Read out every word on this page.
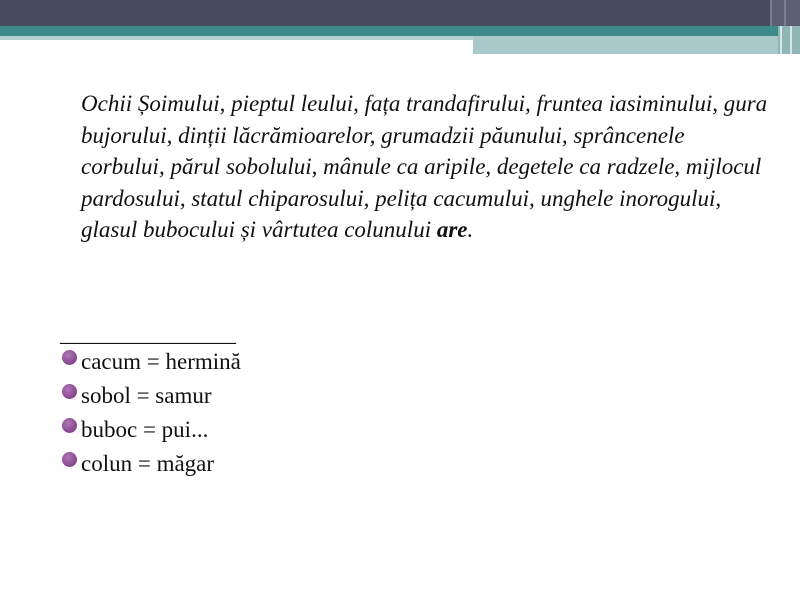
Ochii Șoimului, pieptul leului, fața trandafirului, fruntea iasiminului, gura bujorului, dinții lăcrămioarelor, grumadzii păunului, sprâncenele corbului, părul sobolului, mânule ca aripile, degetele ca radzele, mijlocul pardosului, statul chiparosului, pelița cacumului, unghele inorogului, glasul bubocului și vârtutea colunului are.

________________
cacum = hermină
sobol = samur
buboc = pui...
colun = măgar
